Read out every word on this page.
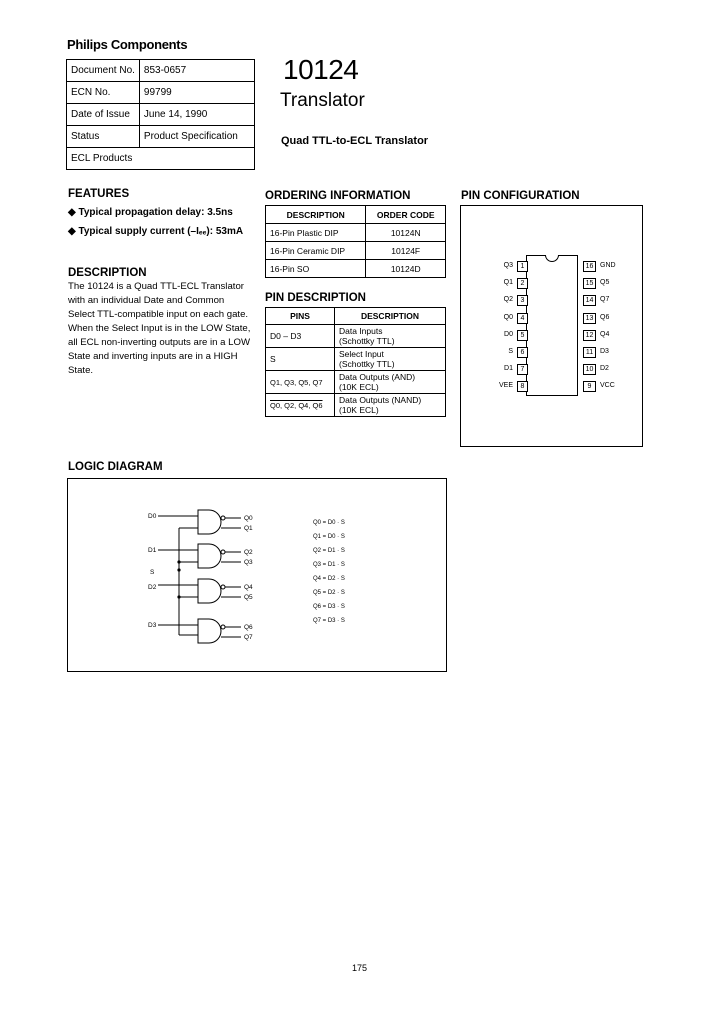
Philips Components
Document No.	853-0657
ECN No.	99799
Date of Issue	June 14, 1990
Status	Product Specification
ECL Products	
10124
Translator
Quad TTL-to-ECL Translator
FEATURES
◆ Typical propagation delay: 3.5ns
◆ Typical supply current (–Iₑₑ): 53mA
DESCRIPTION
The 10124 is a Quad TTL-ECL Translator with an individual Date and Common Select TTL-compatible input on each gate. When the Select Input is in the LOW State, all ECL non-inverting outputs are in a LOW State and inverting inputs are in a HIGH State.
ORDERING INFORMATION
DESCRIPTION	ORDER CODE
16-Pin Plastic DIP	10124N
16-Pin Ceramic DIP	10124F
16-Pin SO	10124D
PIN DESCRIPTION
PINS	DESCRIPTION
D0 – D3	Data Inputs
(Schottky TTL)
S	Select Input
(Schottky TTL)
Q1, Q3, Q5, Q7	Data Outputs (AND)
(10K ECL)
Q0, Q2, Q4, Q6	Data Outputs (NAND)
(10K ECL)
PIN CONFIGURATION
Q3	1
Q1	2
Q2	3
Q0	4
D0	5
S	6
D1	7
VEE	8
16 GND
15 Q5
14 Q7
13 Q6
12 Q4
11 D3
10 D2
9	VCC
LOGIC DIAGRAM
D0
D1
S
D2
D3
Q0
Q1
Q2
Q3
Q4
Q5
Q6
Q7
Q0 = D0 · S
Q1 = D0 · S
Q2 = D1 · S
Q3 = D1 · S
Q4 = D2 · S
Q5 = D2 · S
Q6 = D3 · S
Q7 = D3 · S
175
